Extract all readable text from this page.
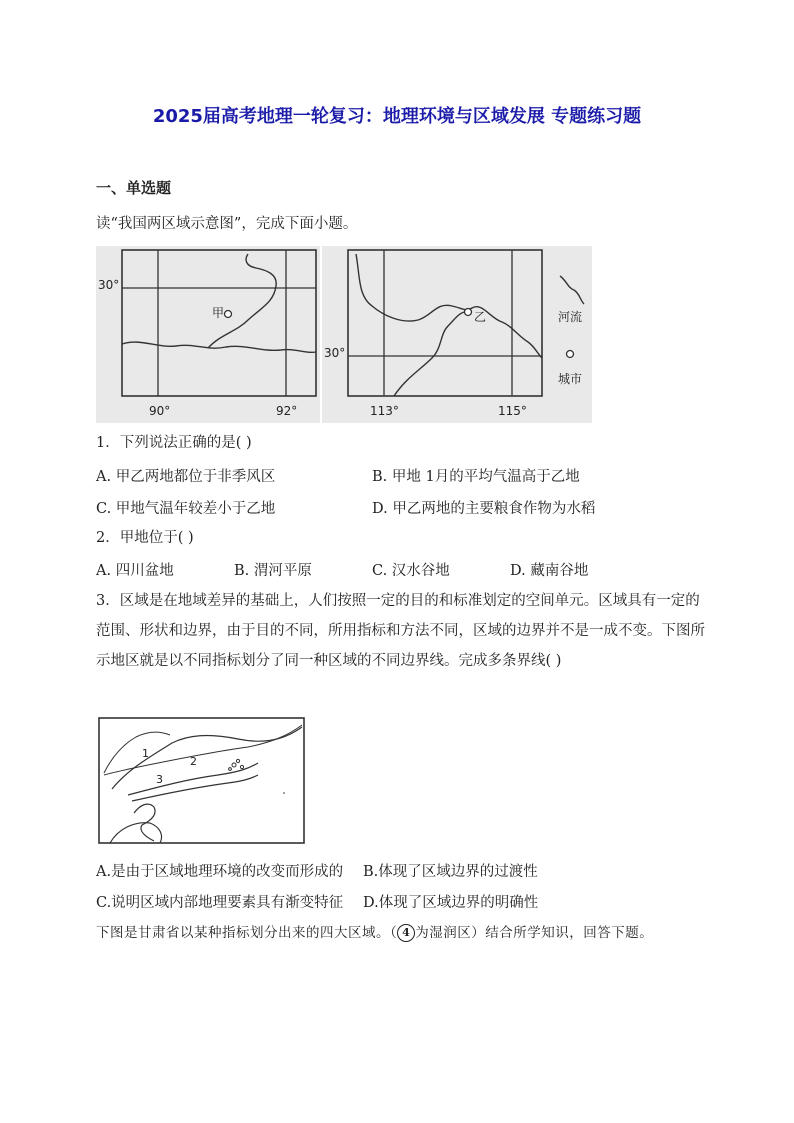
2025届高考地理一轮复习：地理环境与区域发展 专题练习题
一、单选题
读“我国两区域示意图”，完成下面小题。
30°
90°	92°
甲
30°
113°	115°
乙	河流
城市
1．下列说法正确的是( )
A. 甲乙两地都位于非季风区	B. 甲地 1月的平均气温高于乙地
C. 甲地气温年较差小于乙地	D. 甲乙两地的主要粮食作物为水稻
2．甲地位于( )
A. 四川盆地	B. 渭河平原	C. 汉水谷地	D. 藏南谷地
3．区域是在地域差异的基础上，人们按照一定的目的和标准划定的空间单元。区域具有一定的范围、形状和边界，由于目的不同，所用指标和方法不同，区域的边界并不是一成不变。下图所示地区就是以不同指标划分了同一种区域的不同边界线。完成多条界线( )
1
2
3
A.是由于区域地理环境的改变而形成的 B.体现了区域边界的过渡性
C.说明区域内部地理要素具有渐变特征 D.体现了区域边界的明确性
下图是甘肃省以某种指标划分出来的四大区域。（ 4 为湿润区）结合所学知识，回答下题。
